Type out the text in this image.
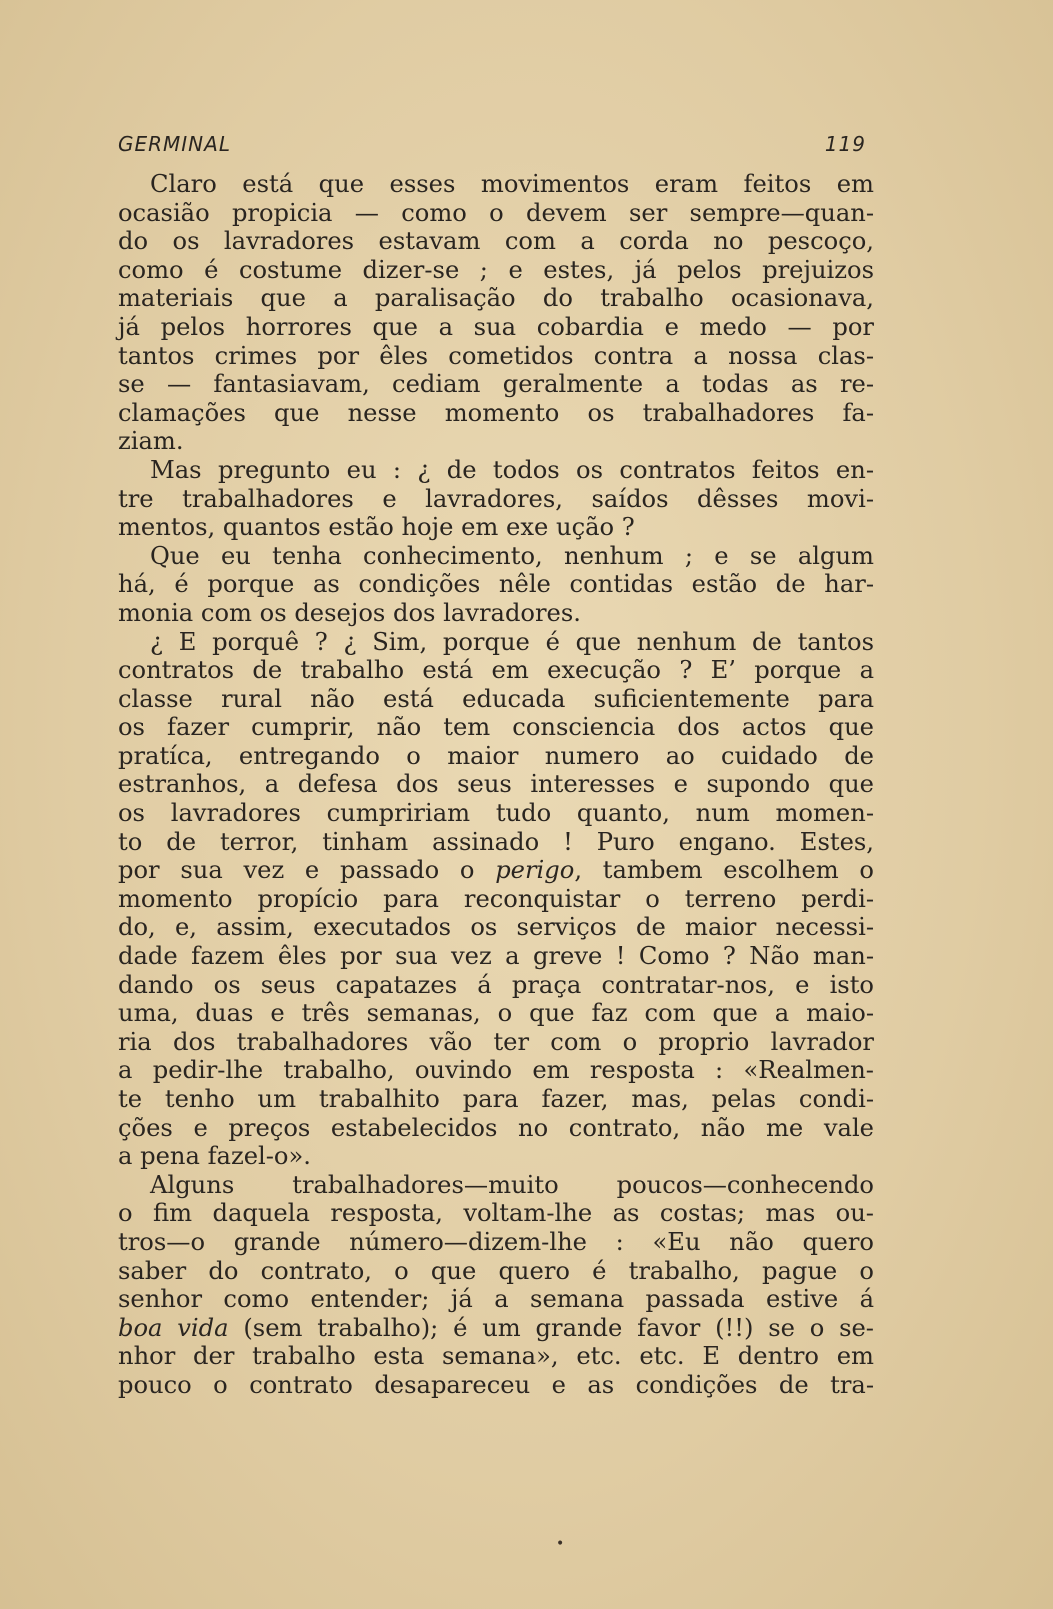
GERMINAL	119

Claro está que esses movimentos eram feitos em

ocasião propicia — como o devem ser sempre—quan-

do os lavradores estavam com a corda no pescoço,

como é costume dizer-se ; e estes, já pelos prejuizos

materiais que a paralisação do trabalho ocasionava,

já pelos horrores que a sua cobardia e medo — por

tantos crimes por êles cometidos contra a nossa clas-

se — fantasiavam, cediam geralmente a todas as re-

clamações que nesse momento os trabalhadores fa-

ziam.

Mas pregunto eu : ¿ de todos os contratos feitos en-

tre trabalhadores e lavradores, saídos dêsses movi-

mentos, quantos estão hoje em exe ução ?

Que eu tenha conhecimento, nenhum ; e se algum

há, é porque as condições nêle contidas estão de har-

monia com os desejos dos lavradores.

¿ E porquê ? ¿ Sim, porque é que nenhum de tantos

contratos de trabalho está em execução ? E’ porque a

classe rural não está educada suficientemente para

os fazer cumprir, não tem consciencia dos actos que

pratíca, entregando o maior numero ao cuidado de

estranhos, a defesa dos seus interesses e supondo que

os lavradores cumpririam tudo quanto, num momen-

to de terror, tinham assinado ! Puro engano. Estes,

por sua vez e passado o perigo, tambem escolhem o

momento propício para reconquistar o terreno perdi-

do, e, assim, executados os serviços de maior necessi-

dade fazem êles por sua vez a greve ! Como ? Não man-

dando os seus capatazes á praça contratar-nos, e isto

uma, duas e três semanas, o que faz com que a maio-

ria dos trabalhadores vão ter com o proprio lavrador

a pedir-lhe trabalho, ouvindo em resposta : «Realmen-

te tenho um trabalhito para fazer, mas, pelas condi-

ções e preços estabelecidos no contrato, não me vale

a pena fazel-o».

Alguns trabalhadores—muito poucos—conhecendo

o fim daquela resposta, voltam-lhe as costas; mas ou-

tros—o grande número—dizem-lhe : «Eu não quero

saber do contrato, o que quero é trabalho, pague o

senhor como entender; já a semana passada estive á

boa vida (sem trabalho); é um grande favor (!!) se o se-

nhor der trabalho esta semana», etc. etc. E dentro em

pouco o contrato desapareceu e as condições de tra-

•
